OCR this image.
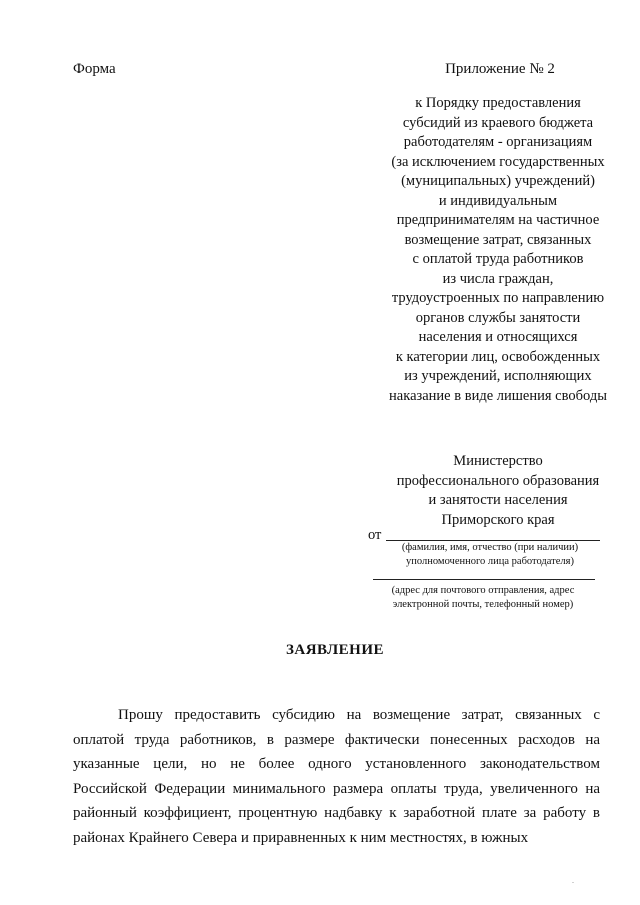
Форма	Приложение № 2
к Порядку предоставления
субсидий из краевого бюджета
работодателям - организациям
(за исключением государственных
(муниципальных) учреждений)
и индивидуальным
предпринимателям на частичное
возмещение затрат, связанных
с оплатой труда работников
из числа граждан,
трудоустроенных по направлению
органов службы занятости
населения и относящихся
к категории лиц, освобожденных
из учреждений, исполняющих
наказание в виде лишения свободы
Министерство
профессионального образования
и занятости населения
Приморского края
от
(фамилия, имя, отчество (при наличии)
уполномоченного лица работодателя)
(адрес для почтового отправления, адрес
электронной почты, телефонный номер)
ЗАЯВЛЕНИЕ

Прошу предоставить субсидию на возмещение затрат, связанных с оплатой труда работников, в размере фактически понесенных расходов на указанные цели, но не более одного установленного законодательством Российской Федерации минимального размера оплаты труда, увеличенного на районный коэффициент, процентную надбавку к заработной плате за работу в районах Крайнего Севера и приравненных к ним местностях, в южных

.
